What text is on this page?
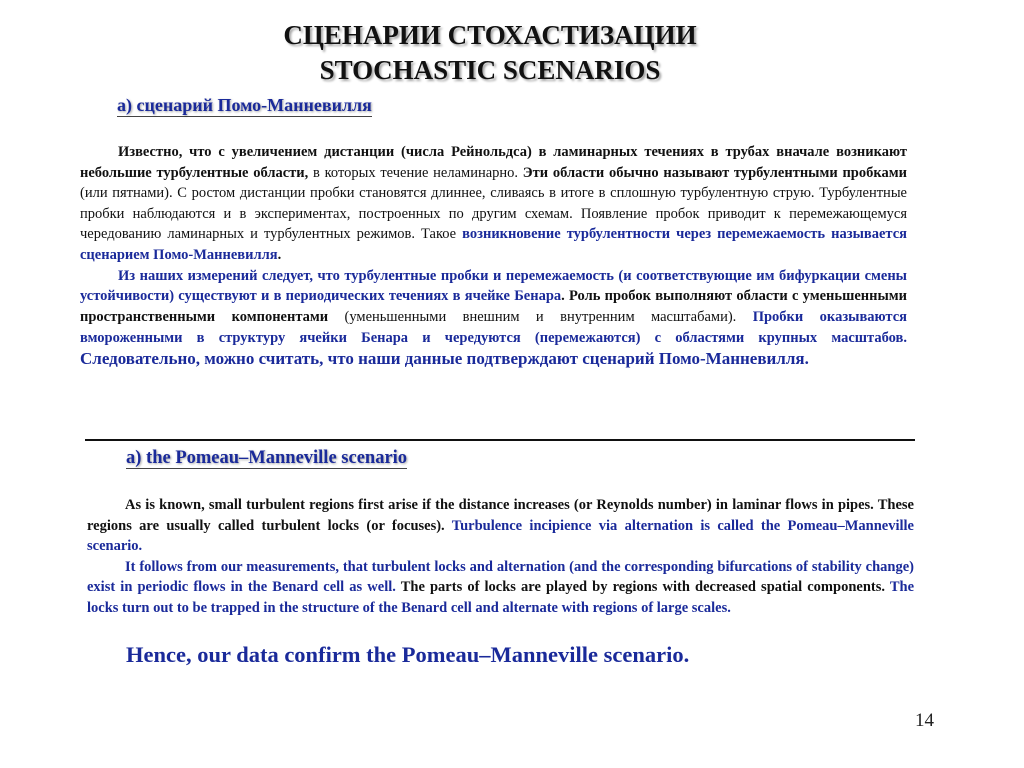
СЦЕНАРИИ СТОХАСТИЗАЦИИ
STOCHASTIC SCENARIOS
а) сценарий Помо-Манневилля

Известно, что с увеличением дистанции (числа Рейнольдса) в ламинарных течениях в трубах вначале возникают небольшие турбулентные области, в которых течение неламинарно. Эти области обычно называют турбулентными пробками (или пятнами). С ростом дистанции пробки становятся длиннее, сливаясь в итоге в сплошную турбулентную струю. Турбулентные пробки наблюдаются и в экспериментах, построенных по другим схемам. Появление пробок приводит к перемежающемуся чередованию ламинарных и турбулентных режимов. Такое возникновение турбулентности через перемежаемость называется сценарием Помо-Манневилля.

Из наших измерений следует, что турбулентные пробки и перемежаемость (и соответствующие им бифуркации смены устойчивости) существуют и в периодических течениях в ячейке Бенара. Роль пробок выполняют области с уменьшенными пространственными компонентами (уменьшенными внешним и внутренним масштабами). Пробки оказываются вмороженными в структуру ячейки Бенара и чередуются (перемежаются) с областями крупных масштабов. Следовательно, можно считать, что наши данные подтверждают сценарий Помо-Манневилля.

a) the Pomeau–Manneville scenario

As is known, small turbulent regions first arise if the distance increases (or Reynolds number) in laminar flows in pipes. These regions are usually called turbulent locks (or focuses). Turbulence incipience via alternation is called the Pomeau–Manneville scenario.

It follows from our measurements, that turbulent locks and alternation (and the corresponding bifurcations of stability change) exist in periodic flows in the Benard cell as well. The parts of locks are played by regions with decreased spatial components. The locks turn out to be trapped in the structure of the Benard cell and alternate with regions of large scales.

Hence, our data confirm the Pomeau–Manneville scenario.

14
